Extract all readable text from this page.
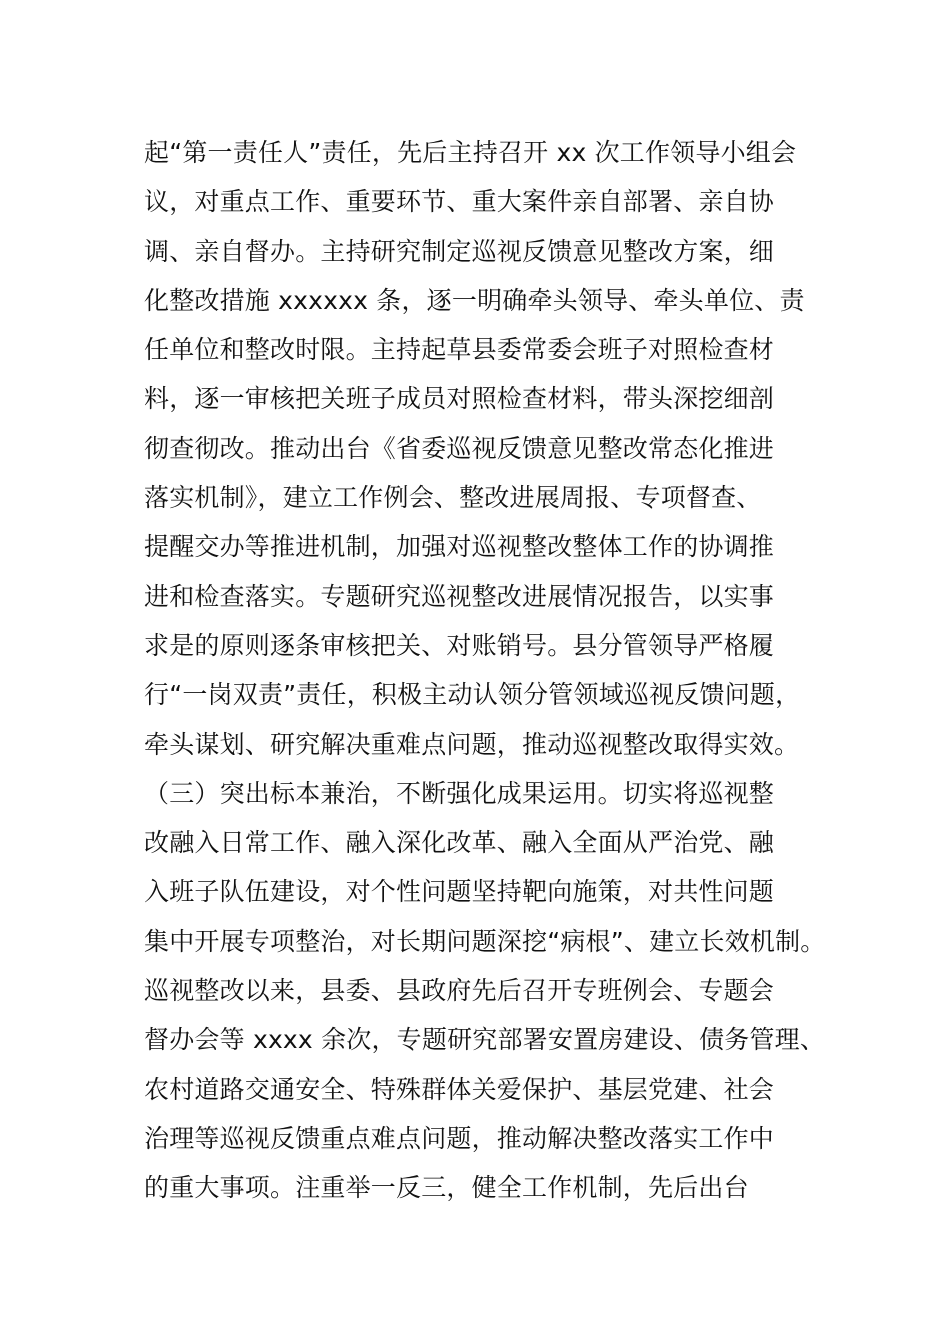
起“第一责任人”责任，先后主持召开 xx 次工作领导小组会
议，对重点工作、重要环节、重大案件亲自部署、亲自协
调、亲自督办。主持研究制定巡视反馈意见整改方案，细
化整改措施 xxxxxx 条，逐一明确牵头领导、牵头单位、责
任单位和整改时限。主持起草县委常委会班子对照检查材
料，逐一审核把关班子成员对照检查材料，带头深挖细剖
彻查彻改。推动出台《省委巡视反馈意见整改常态化推进
落实机制》，建立工作例会、整改进展周报、专项督查、
提醒交办等推进机制，加强对巡视整改整体工作的协调推
进和检查落实。专题研究巡视整改进展情况报告，以实事
求是的原则逐条审核把关、对账销号。县分管领导严格履
行“一岗双责”责任，积极主动认领分管领域巡视反馈问题，
牵头谋划、研究解决重难点问题，推动巡视整改取得实效。
（三）突出标本兼治，不断强化成果运用。切实将巡视整
改融入日常工作、融入深化改革、融入全面从严治党、融
入班子队伍建设，对个性问题坚持靶向施策，对共性问题
集中开展专项整治，对长期问题深挖“病根”、建立长效机制。
巡视整改以来，县委、县政府先后召开专班例会、专题会
督办会等 xxxx 余次，专题研究部署安置房建设、债务管理、
农村道路交通安全、特殊群体关爱保护、基层党建、社会
治理等巡视反馈重点难点问题，推动解决整改落实工作中
的重大事项。注重举一反三，健全工作机制，先后出台
